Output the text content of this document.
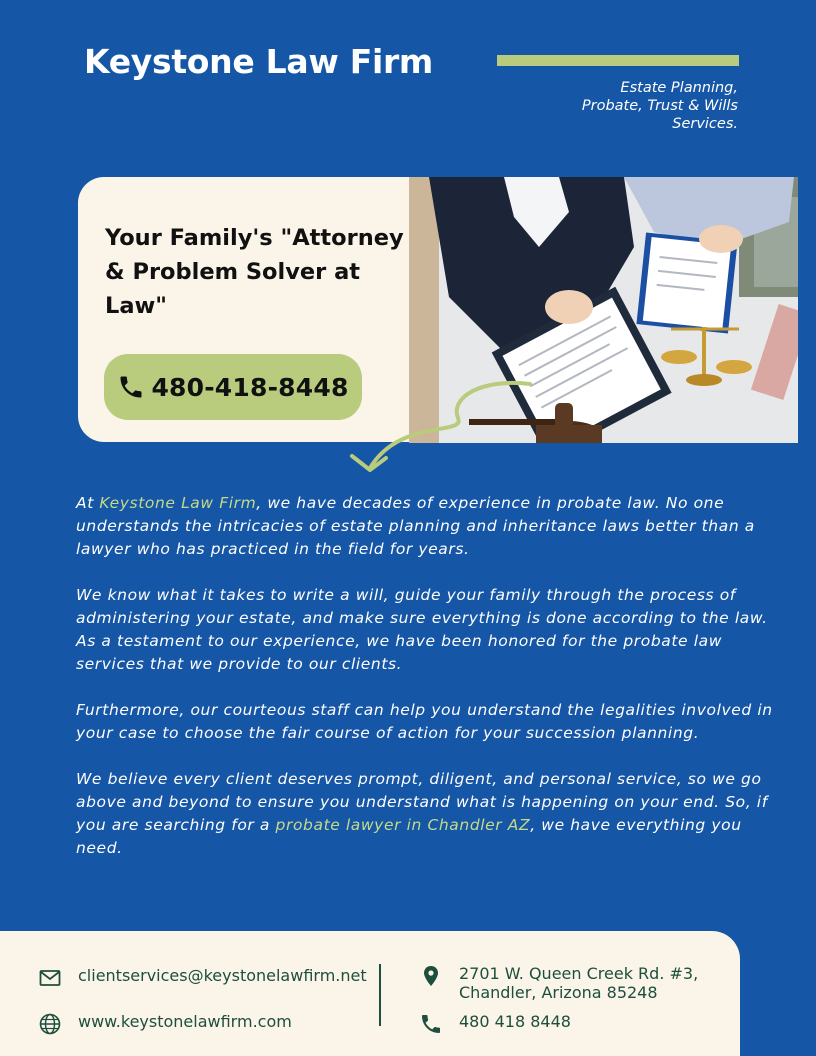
Keystone Law Firm
Estate Planning,
Probate, Trust & Wills
Services.
Your Family's "Attorney & Problem Solver at Law"
480-418-8448

At Keystone Law Firm, we have decades of experience in probate law. No one understands the intricacies of estate planning and inheritance laws better than a lawyer who has practiced in the field for years.

We know what it takes to write a will, guide your family through the process of administering your estate, and make sure everything is done according to the law. As a testament to our experience, we have been honored for the probate law services that we provide to our clients.

Furthermore, our courteous staff can help you understand the legalities involved in your case to choose the fair course of action for your succession planning.

We believe every client deserves prompt, diligent, and personal service, so we go above and beyond to ensure you understand what is happening on your end. So, if you are searching for a probate lawyer in Chandler AZ, we have everything you need.

clientservices@keystonelawfirm.net
www.keystonelawfirm.com
2701 W. Queen Creek Rd. #3,
Chandler, Arizona 85248
480 418 8448
